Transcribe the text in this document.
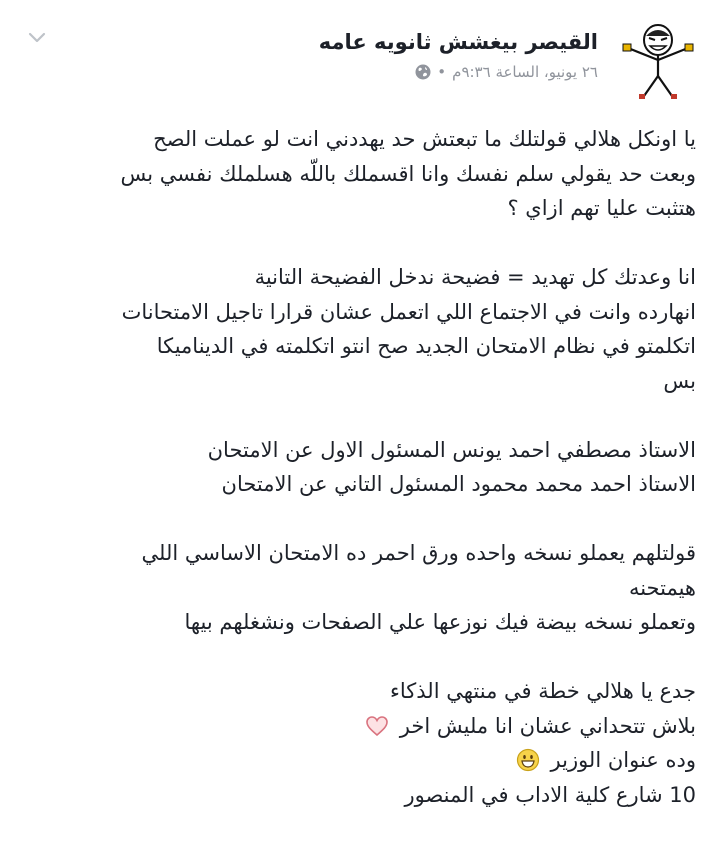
القيصر بيغشش ثانويه عامه
٢٦ يونيو، الساعة ٩:٣٦م
•

يا اونكل هلالي قولتلك ما تبعتش حد يهددني انت لو عملت الصح

وبعت حد يقولي سلم نفسك وانا اقسملك باللّه هسلملك نفسي بس

هتثبت عليا تهم ازاي ؟

انا وعدتك كل تهديد = فضيحة ندخل الفضيحة التانية

انهارده وانت في الاجتماع اللي اتعمل عشان قرارا تاجيل الامتحانات

اتكلمتو في نظام الامتحان الجديد صح انتو اتكلمته في الديناميكا

بس

الاستاذ مصطفي احمد يونس المسئول الاول عن الامتحان

الاستاذ احمد محمد محمود المسئول التاني عن الامتحان

قولتلهم يعملو نسخه واحده ورق احمر ده الامتحان الاساسي اللي

هيمتحنه

وتعملو نسخه بيضة فيك نوزعها علي الصفحات ونشغلهم بيها

جدع يا هلالي خطة في منتهي الذكاء

بلاش تتحداني عشان انا مليش اخر

وده عنوان الوزير

10 شارع كلية الاداب في المنصور
